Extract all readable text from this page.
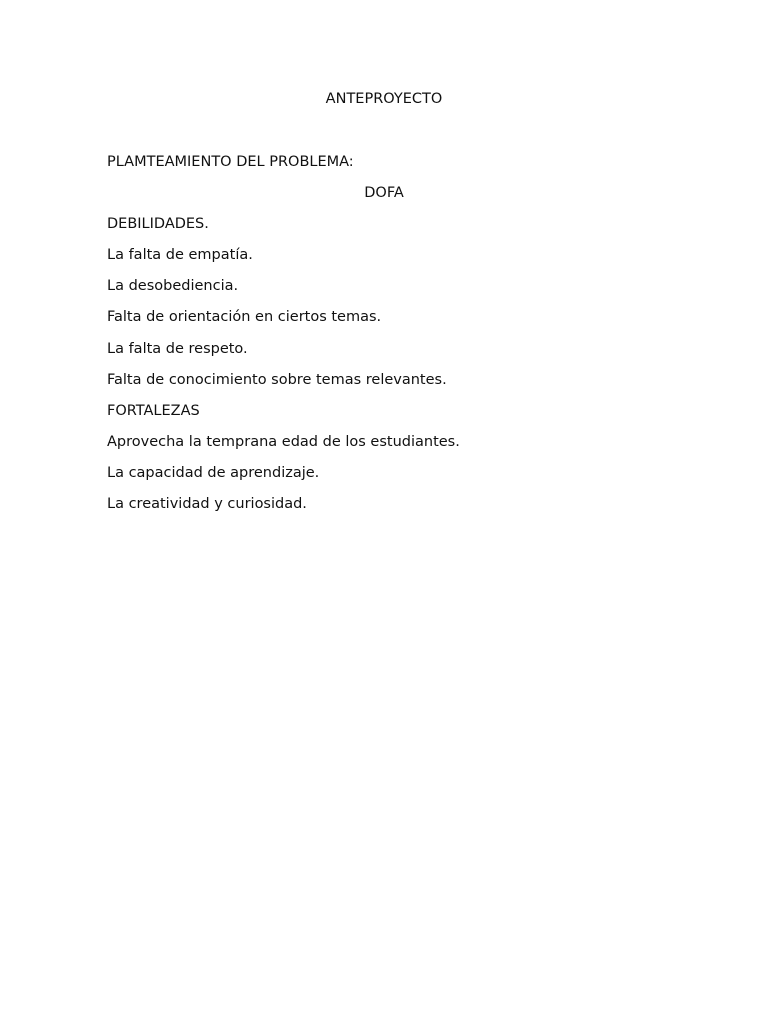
ANTEPROYECTO
PLAMTEAMIENTO DEL PROBLEMA:
DOFA
DEBILIDADES.
La falta de empatía.
La desobediencia.
Falta de orientación en ciertos temas.
La falta de respeto.
Falta de conocimiento sobre temas relevantes.
FORTALEZAS
Aprovecha la temprana edad de los estudiantes.
La capacidad de aprendizaje.
La creatividad y curiosidad.
